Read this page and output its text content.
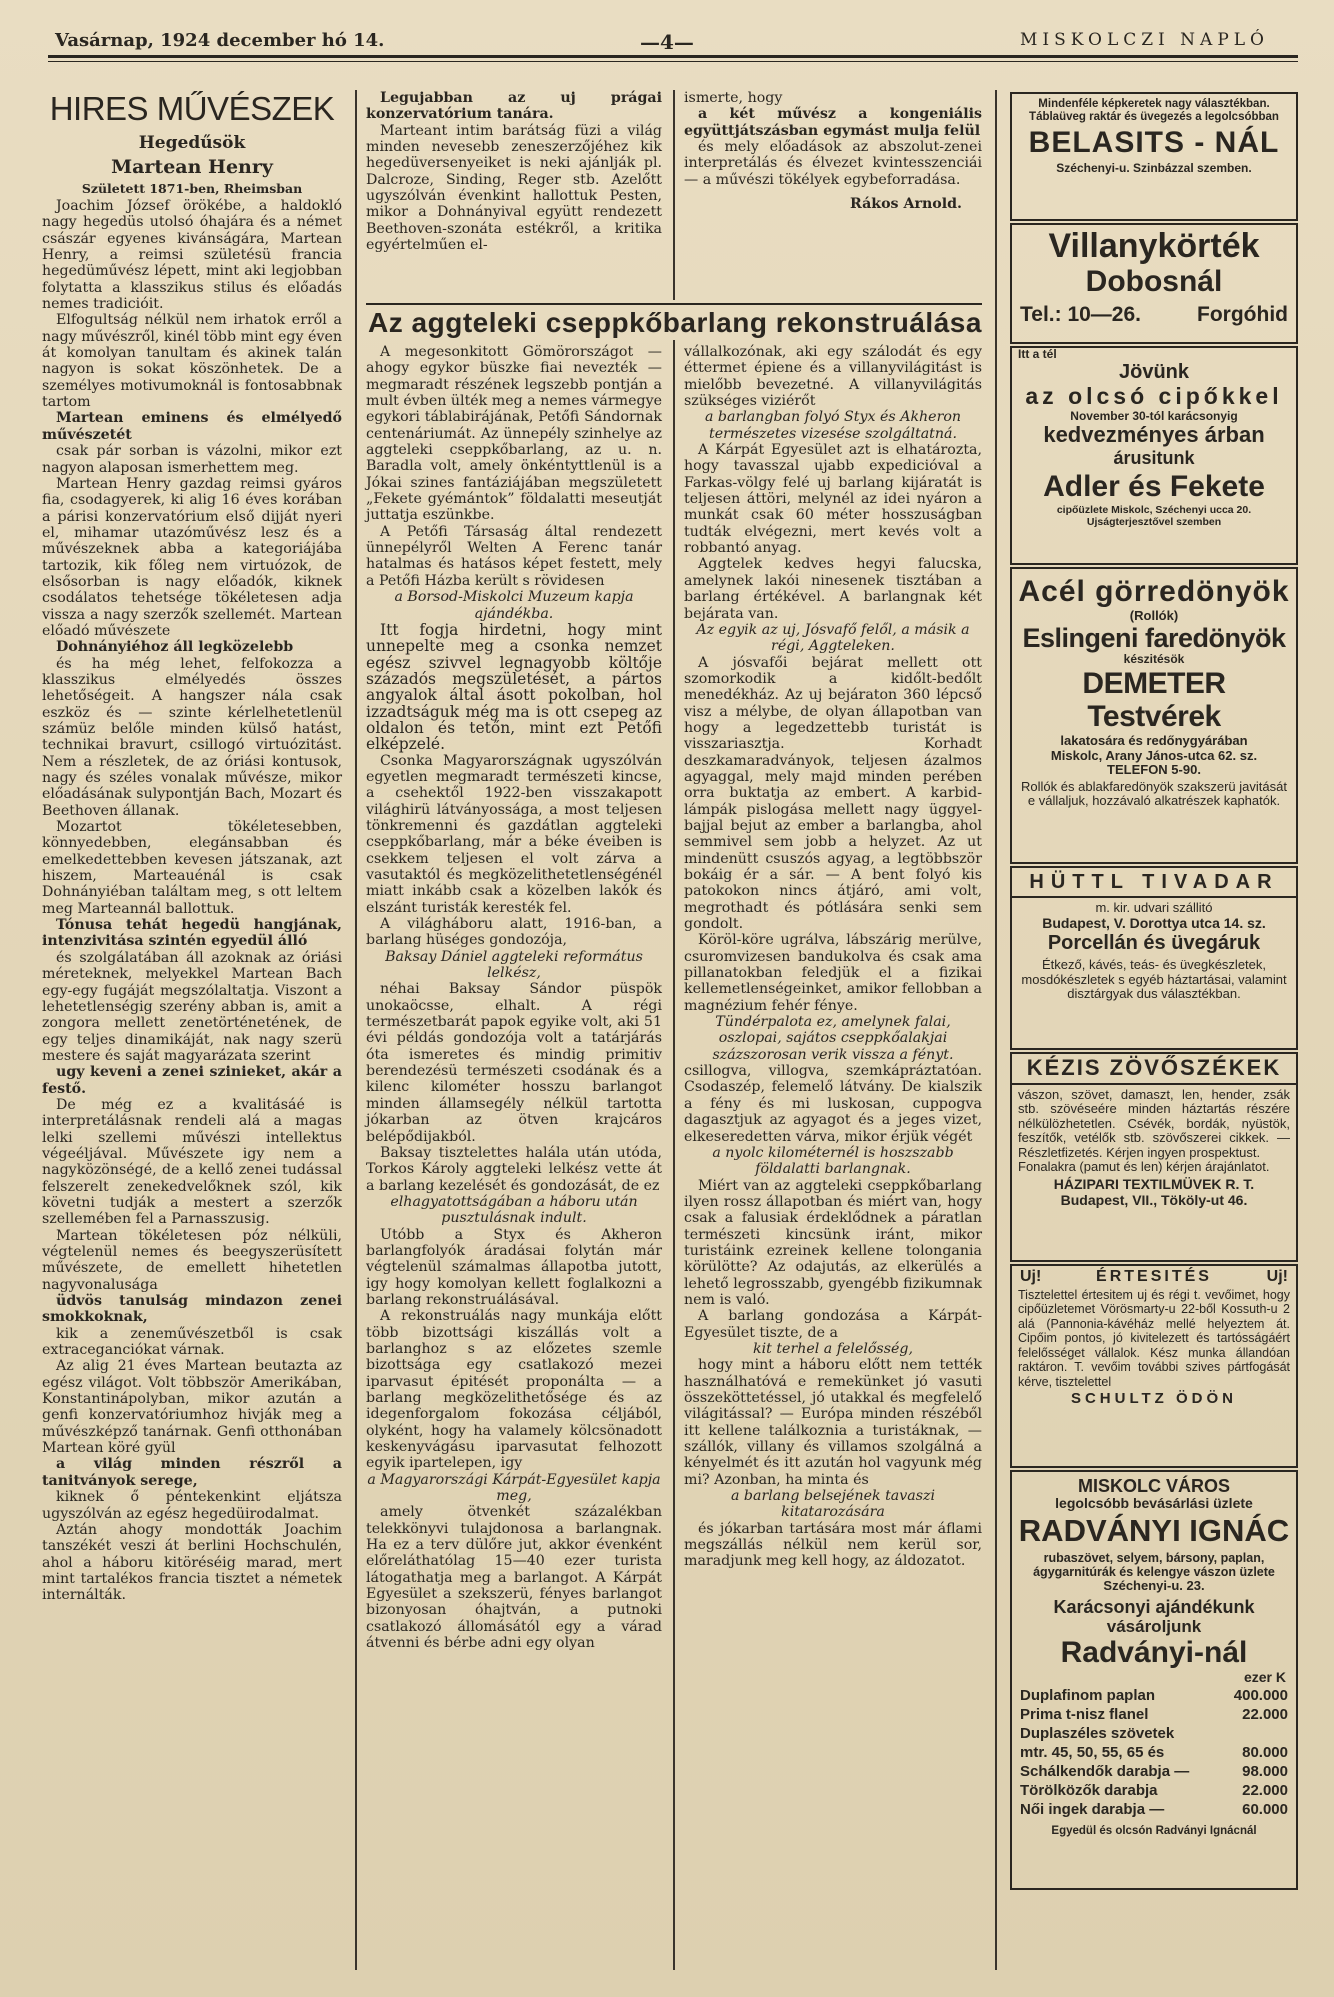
Vasárnap, 1924 december hó 14.	—4—	MISKOLCZI NAPLÓ
HIRES MŰVÉSZEK
Hegedűsök
Martean Henry
Született 1871-ben, Rheimsban

Joachim József örökébe, a haldokló nagy hegedüs utolsó óhajára és a német császár egyenes kivánságára, Martean Henry, a reimsi születésü francia hegedüművész lépett, mint aki legjobban folytatta a klasszikus stilus és előadás nemes tradicióit.

Elfogultság nélkül nem irhatok erről a nagy művészről, kinél több mint egy éven át komolyan tanultam és akinek talán nagyon is sokat köszönhetek. De a személyes motivumoknál is fontosabbnak tartom

Martean eminens és elmélyedő művészetét

csak pár sorban is vázolni, mikor ezt nagyon alaposan ismerhettem meg.

Martean Henry gazdag reimsi gyáros fia, csodagyerek, ki alig 16 éves korában a párisi konzervatórium első dijját nyeri el, mihamar utazóművész lesz és a művészeknek abba a kategoriájába tartozik, kik főleg nem virtuózok, de elsősorban is nagy előadók, kiknek csodálatos tehetsége tökéletesen adja vissza a nagy szerzők szellemét. Martean előadó művészete

Dohnányiéhoz áll legközelebb

és ha még lehet, felfokozza a klasszikus elmélyedés összes lehetőségeit. A hangszer nála csak eszköz és — szinte kérlelhetetlenül számüz belőle minden külső hatást, technikai bravurt, csillogó virtuózitást. Nem a részletek, de az óriási kontusok, nagy és széles vonalak művésze, mikor előadásának sulypontján Bach, Mozart és Beethoven állanak.

Mozartot tökéletesebben, könnyedebben, elegánsabban és emelkedettebben kevesen játszanak, azt hiszem, Marteauénál is csak Dohnányiéban találtam meg, s ott leltem meg Marteannál ballottuk.

Tónusa tehát hegedü hangjának, intenzivitása szintén egyedül álló

és szolgálatában áll azoknak az óriási méreteknek, melyekkel Martean Bach egy-egy fugáját megszólaltatja. Viszont a lehetetlenségig szerény abban is, amit a zongora mellett zenetörténetének, de egy teljes dinamikáját, nak nagy szerü mestere és saját magyarázata szerint

ugy keveni a zenei szinieket, akár a festő.

De még ez a kvalitásáé is interpretálásnak rendeli alá a magas lelki szellemi művészi intellektus végeéljával. Művészete igy nem a nagyközönségé, de a kellő zenei tudással felszerelt zenekedvelőknek szól, kik követni tudják a mestert a szerzők szellemében fel a Parnasszusig.

Martean tökéletesen póz nélküli, végtelenül nemes és beegyszerüsített művészete, de emellett hihetetlen nagyvonalusága

üdvös tanulság mindazon zenei smokkoknak,

kik a zeneművészetből is csak extraceganciókat várnak.

Az alig 21 éves Martean beutazta az egész világot. Volt többször Amerikában, Konstantinápolyban, mikor azután a genfi konzervatóriumhoz hivják meg a művészképző tanárnak. Genfi otthonában Martean köré gyül

a világ minden részről a tanitványok serege,

kiknek ő péntekenkint eljátsza ugyszólván az egész hegedüirodalmat.

Aztán ahogy mondották Joachim tanszékét veszi át berlini Hochschulén, ahol a háboru kitöréséig marad, mert mint tartalékos francia tisztet a németek internálták.

Legujabban az uj prágai konzervatórium tanára.

Marteant intim barátság füzi a világ minden nevesebb zeneszerzőjéhez kik hegedüversenyeiket is neki ajánlják pl. Dalcroze, Sinding, Reger stb. Azelőtt ugyszólván évenkint hallottuk Pesten, mikor a Dohnányival együtt rendezett Beethoven-szonáta estékről, a kritika egyértelműen el-

ismerte, hogy

a két művész a kongeniális együttjátszásban egymást mulja felül

és mely előadások az abszolut-zenei interpretálás és élvezet kvintesszenciái — a művészi tökélyek egybeforradása.

Rákos Arnold.

Az aggteleki cseppkőbarlang rekonstruálása

A megesonkitott Gömörországot — ahogy egykor büszke fiai nevezték — megmaradt részének legszebb pontján a mult évben ülték meg a nemes vármegye egykori táblabirájának, Petőfi Sándornak centenáriumát. Az ünnepély szinhelye az aggteleki cseppkőbarlang, az u. n. Baradla volt, amely önkéntyttlenül is a Jókai szines fantáziájában megszületett „Fekete gyémántok” földalatti meseutját juttatja eszünkbe.

A Petőfi Társaság által rendezett ünnepélyről Welten A Ferenc tanár hatalmas és hatásos képet festett, mely a Petőfi Házba került s rövidesen

a Borsod-Miskolci Muzeum kapja ajándékba.

Itt fogja hirdetni, hogy mint unnepelte meg a csonka nemzet egész szivvel legnagyobb költője századós megszületését, a pártos angyalok által ásott pokolban, hol izzadtságuk még ma is ott csepeg az oldalon és tetőn, mint ezt Petőfi elképzelé.

Csonka Magyarországnak ugyszólván egyetlen megmaradt természeti kincse, a csehektől 1922-ben visszakapott világhirü látványossága, a most teljesen tönkremenni és gazdátlan aggteleki cseppkőbarlang, már a béke éveiben is csekkem teljesen el volt zárva a vasutaktól és megközelithetetlenségénél miatt inkább csak a közelben lakók és elszánt turisták keresték fel.

A világháboru alatt, 1916-ban, a barlang hüséges gondozója,

Baksay Dániel aggteleki református lelkész,

néhai Baksay Sándor püspök unokaöcsse, elhalt. A régi természetbarát papok egyike volt, aki 51 évi példás gondozója volt a tatárjárás óta ismeretes és mindig primitiv berendezésü természeti csodának és a kilenc kilométer hosszu barlangot minden államsegély nélkül tartotta jókarban az ötven krajcáros belépődijakból.

Baksay tisztelettes halála után utóda, Torkos Károly aggteleki lelkész vette át a barlang kezelését és gondozását, de ez

elhagyatottságában a háboru után pusztulásnak indult.

Utóbb a Styx és Akheron barlangfolyók áradásai folytán már végtelenül számalmas állapotba jutott, igy hogy komolyan kellett foglalkozni a barlang rekonstruálásával.

A rekonstruálás nagy munkája előtt több bizottsági kiszállás volt a barlanghoz s az előzetes szemle bizottsága egy csatlakozó mezei iparvasut épitését proponálta — a barlang megközelithetősége és az idegenforgalom fokozása céljából, olyként, hogy ha valamely kölcsönadott keskenyvágásu iparvasutat felhozott egyik ipartelepen, igy

a Magyarországi Kárpát-Egyesület kapja meg,

amely ötvenkét százalékban telekkönyvi tulajdonosa a barlangnak. Ha ez a terv dülőre jut, akkor évenként előreláthatólag 15—40 ezer turista látogathatja meg a barlangot. A Kárpát Egyesület a szekszerü, fényes barlangot bizonyosan óhajtván, a putnoki csatlakozó állomásától egy a várad átvenni és bérbe adni egy olyan

vállalkozónak, aki egy szálodát és egy éttermet épiene és a villanyvilágitást is mielőbb bevezetné. A villanyvilágitás szükséges viziérőt

a barlangban folyó Styx és Akheron természetes vizesése szolgáltatná.

A Kárpát Egyesület azt is elhatározta, hogy tavasszal ujabb expedicióval a Farkas-völgy felé uj barlang kijáratát is teljesen áttöri, melynél az idei nyáron a munkát csak 60 méter hosszuságban tudták elvégezni, mert kevés volt a robbantó anyag.

Aggtelek kedves hegyi falucska, amelynek lakói ninesenek tisztában a barlang értékével. A barlangnak két bejárata van.

Az egyik az uj, Jósvafő felől, a másik a régi, Aggteleken.

A jósvafői bejárat mellett ott szomorkodik a kidőlt-bedőlt menedékház. Az uj bejáraton 360 lépcső visz a mélybe, de olyan állapotban van hogy a legedzettebb turistát is visszariasztja. Korhadt deszkamaradványok, teljesen ázalmos agyaggal, mely majd minden perében orra buktatja az embert. A karbid-lámpák pislogása mellett nagy üggyel-bajjal bejut az ember a barlangba, ahol semmivel sem jobb a helyzet. Az ut mindenütt csuszós agyag, a legtöbbször bokáig ér a sár. — A bent folyó kis patokokon nincs átjáró, ami volt, megrothadt és pótlására senki sem gondolt.

Köröl-köre ugrálva, lábszárig merülve, csuromvizesen bandukolva és csak ama pillanatokban feledjük el a fizikai kellemetlenségeinket, amikor fellobban a magnézium fehér fénye.

Tündérpalota ez, amelynek falai, oszlopai, sajátos cseppkőalakjai százszorosan verik vissza a fényt.

csillogva, villogva, szemkápráztatóan. Csodaszép, felemelő látvány. De kialszik a fény és mi luskosan, cuppogva dagasztjuk az agyagot és a jeges vizet, elkeseredetten várva, mikor érjük végét

a nyolc kilométernél is hoszszabb földalatti barlangnak.

Miért van az aggteleki cseppkőbarlang ilyen rossz állapotban és miért van, hogy csak a falusiak érdeklődnek a páratlan természeti kincsünk iránt, mikor turistáink ezreinek kellene tolongania körülötte? Az odajutás, az elkerülés a lehető legrosszabb, gyengébb fizikumnak nem is való.

A barlang gondozása a Kárpát-Egyesület tiszte, de a

kit terhel a felelősség,

hogy mint a háboru előtt nem tették használhatóvá e remekünket jó vasuti összeköttetéssel, jó utakkal és megfelelő világitással? — Európa minden részéből itt kellene találkoznia a turistáknak, — szállók, villany és villamos szolgálná a kényelmét és itt azután hol vagyunk még mi? Azonban, ha minta és

a barlang belsejének tavaszi kitatarozására

és jókarban tartására most már áflami megszállás nélkül nem kerül sor, maradjunk meg kell hogy, az áldozatot.

Mindenféle képkeretek nagy választékban. Táblaüveg raktár és üvegezés a legolcsóbban
BELASITS - NÁL
Széchenyi-u. Szinbázzal szemben.
Villanykörték
Dobosnál
Tel.: 10—26.	Forgóhid
Itt a tél
Jövünk
az olcsó cipőkkel
November 30-tól karácsonyig
kedvezményes árban
árusitunk
Adler és Fekete
cipőüzlete Miskolc, Széchenyi ucca 20. Ujságterjesztővel szemben
Acél görredönyök
(Rollók)
Eslingeni faredönyök
készitésök
DEMETER Testvérek
lakatosára és redőnygyárában
Miskolc, Arany János-utca 62. sz.
TELEFON 5-90.
Rollók és ablakfaredönyök szakszerü javitását e vállaljuk, hozzávaló alkatrészek kaphatók.
HÜTTL TIVADAR
m. kir. udvari szállitó
Budapest, V. Dorottya utca 14. sz.
Porcellán és üvegáruk
Étkező, kávés, teás- és üvegkészletek, mosdókészletek s egyéb háztartásai, valamint disztárgyak dus választékban.
KÉZIS ZÖVŐSZÉKEK
vászon, szövet, damaszt, len, hender, zsák stb. szövéseére minden háztartás részére nélkülözhetetlen. Csévék, bordák, nyüstök, feszítők, vetélők stb. szövőszerei cikkek. — Részletfizetés. Kérjen ingyen prospektust.
Fonalakra (pamut és len) kérjen árajánlatot.
HÁZIPARI TEXTILMÜVEK R. T.
Budapest, VII., Tököly-ut 46.
Uj!	ÉRTESITÉS	Uj!
Tisztelettel értesitem uj és régi t. vevőimet, hogy cipőüzletemet Vörösmarty-u 22-ből Kossuth-u 2 alá (Pannonia-kávéház mellé helyeztem át. Cipőim pontos, jó kivitelezett és tartósságáért felelősséget vállalok. Kész munka állandóan raktáron. T. vevőim további szives pártfogását kérve, tisztelettel
SCHULTZ ÖDÖN
MISKOLC VÁROS
legolcsóbb bevásárlási üzlete
RADVÁNYI IGNÁC
rubaszövet, selyem, bársony, paplan, ágygarnitúrák és kelengye vászon üzlete
Széchenyi-u. 23.
Karácsonyi ajándékunk
vásároljunk
Radványi-nál
ezer K
Duplafinom paplan	400.000
Prima t-nisz flanel	22.000
Duplaszéles szövetek
mtr. 45, 50, 55, 65 és	80.000
Schálkendők darabja —	98.000
Törölközők darabja	22.000
Női ingek darabja —	60.000
Egyedül és olcsón Radványi Ignácnál
